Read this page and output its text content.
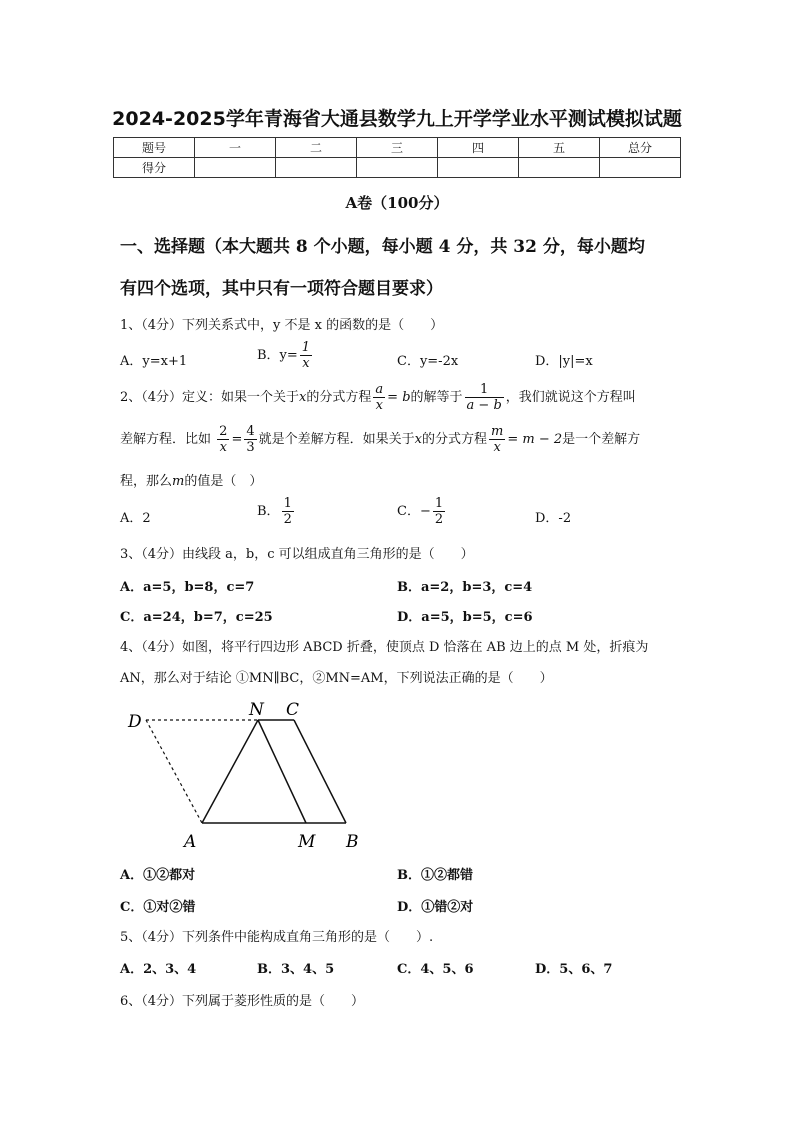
2024-2025学年青海省大通县数学九上开学学业水平测试模拟试题
题号	一	二	三	四	五	总分
得分						
A卷（100分）
一、选择题（本大题共 8 个小题，每小题 4 分，共 32 分，每小题均
有四个选项，其中只有一项符合题目要求）
1、（4分）下列关系式中，y 不是 x 的函数的是（　　）
A．y=x+1	B．$y= \frac{1}{x}$	C．y=-2x	D．|y|=x
2、（4分）定义：如果一个关于x的分式方程 $\frac{a}{x} = b$的解等于 $\frac{1}{a - b}$ ，我们就说这个方程叫
差解方程．比如 $\frac{2}{x} = \frac{4}{3}$ 就是个差解方程．如果关于x的分式方程 $\frac{m}{x} = m - 2$是一个差解方
程，那么m的值是（　）
A．2	B． $\frac{1}{2}$	C．− $\frac{1}{2}$	D．-2
3、（4分）由线段 a，b，c 可以组成直角三角形的是（　　）
A．a=5，b=8，c=7	B．a=2，b=3，c=4
C．a=24，b=7，c=25	D．a=5，b=5，c=6
4、（4分）如图，将平行四边形 ABCD 折叠，使顶点 D 恰落在 AB 边上的点 M 处，折痕为
AN，那么对于结论 ①MN∥BC，②MN=AM，下列说法正确的是（　　）
D
N C
A	M B
A．①②都对	B．①②都错
C．①对②错	D．①错②对
5、（4分）下列条件中能构成直角三角形的是（　　）.
A．2、3、4	B．3、4、5	C．4、5、6	D．5、6、7
6、（4分）下列属于菱形性质的是（　　）
